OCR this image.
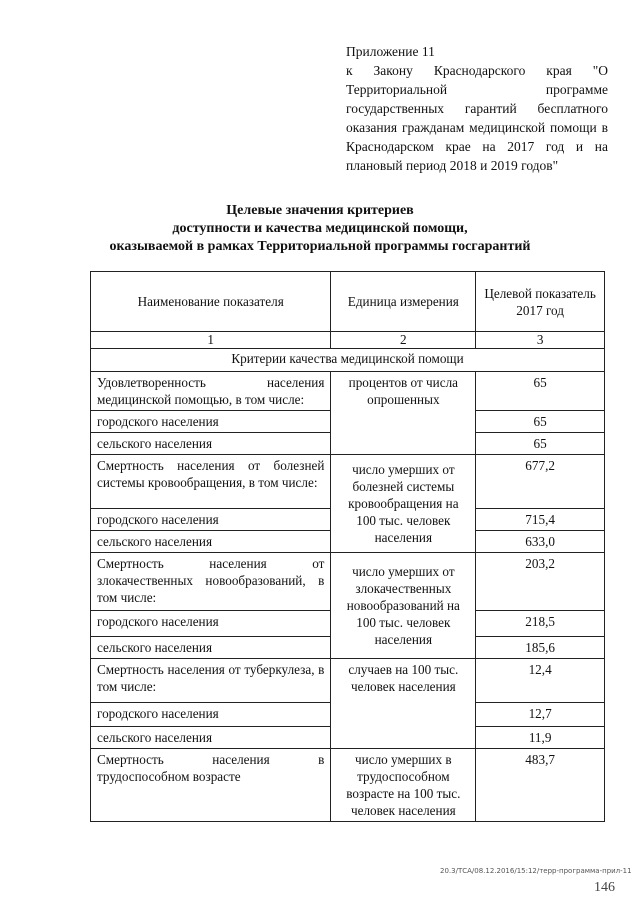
Приложение 11
к Закону Краснодарского края "О Территориальной программе государственных гарантий бесплатного оказания гражданам медицинской помощи в Краснодарском крае на 2017 год и на плановый период 2018 и 2019 годов"
Целевые значения критериев
доступности и качества медицинской помощи,
оказываемой в рамках Территориальной программы госгарантий
Наименование показателя	Единица измерения	Целевой показатель 2017 год
1	2	3
Критерии качества медицинской помощи		
Удовлетворенность населения медицинской помощью, в том числе:	процентов от числа опрошенных	65
городского населения		65
сельского населения		65
Смертность населения от болезней системы кровообращения, в том числе:	число умерших от болезней системы кровообращения на 100 тыс. человек населения	677,2
городского населения		715,4
сельского населения		633,0
Смертность населения от злокачественных новообразований, в том числе:	число умерших от злокачественных новообразований на 100 тыс. человек населения	203,2
городского населения		218,5
сельского населения		185,6
Смертность населения от туберкулеза, в том числе:	случаев на 100 тыс. человек населения	12,4
городского населения		12,7
сельского населения		11,9
Смертность населения в трудоспособном возрасте	число умерших в трудоспособном возрасте на 100 тыс. человек населения	483,7
20.3/ТСА/08.12.2016/15:12/терр-программа-прил-11
146
